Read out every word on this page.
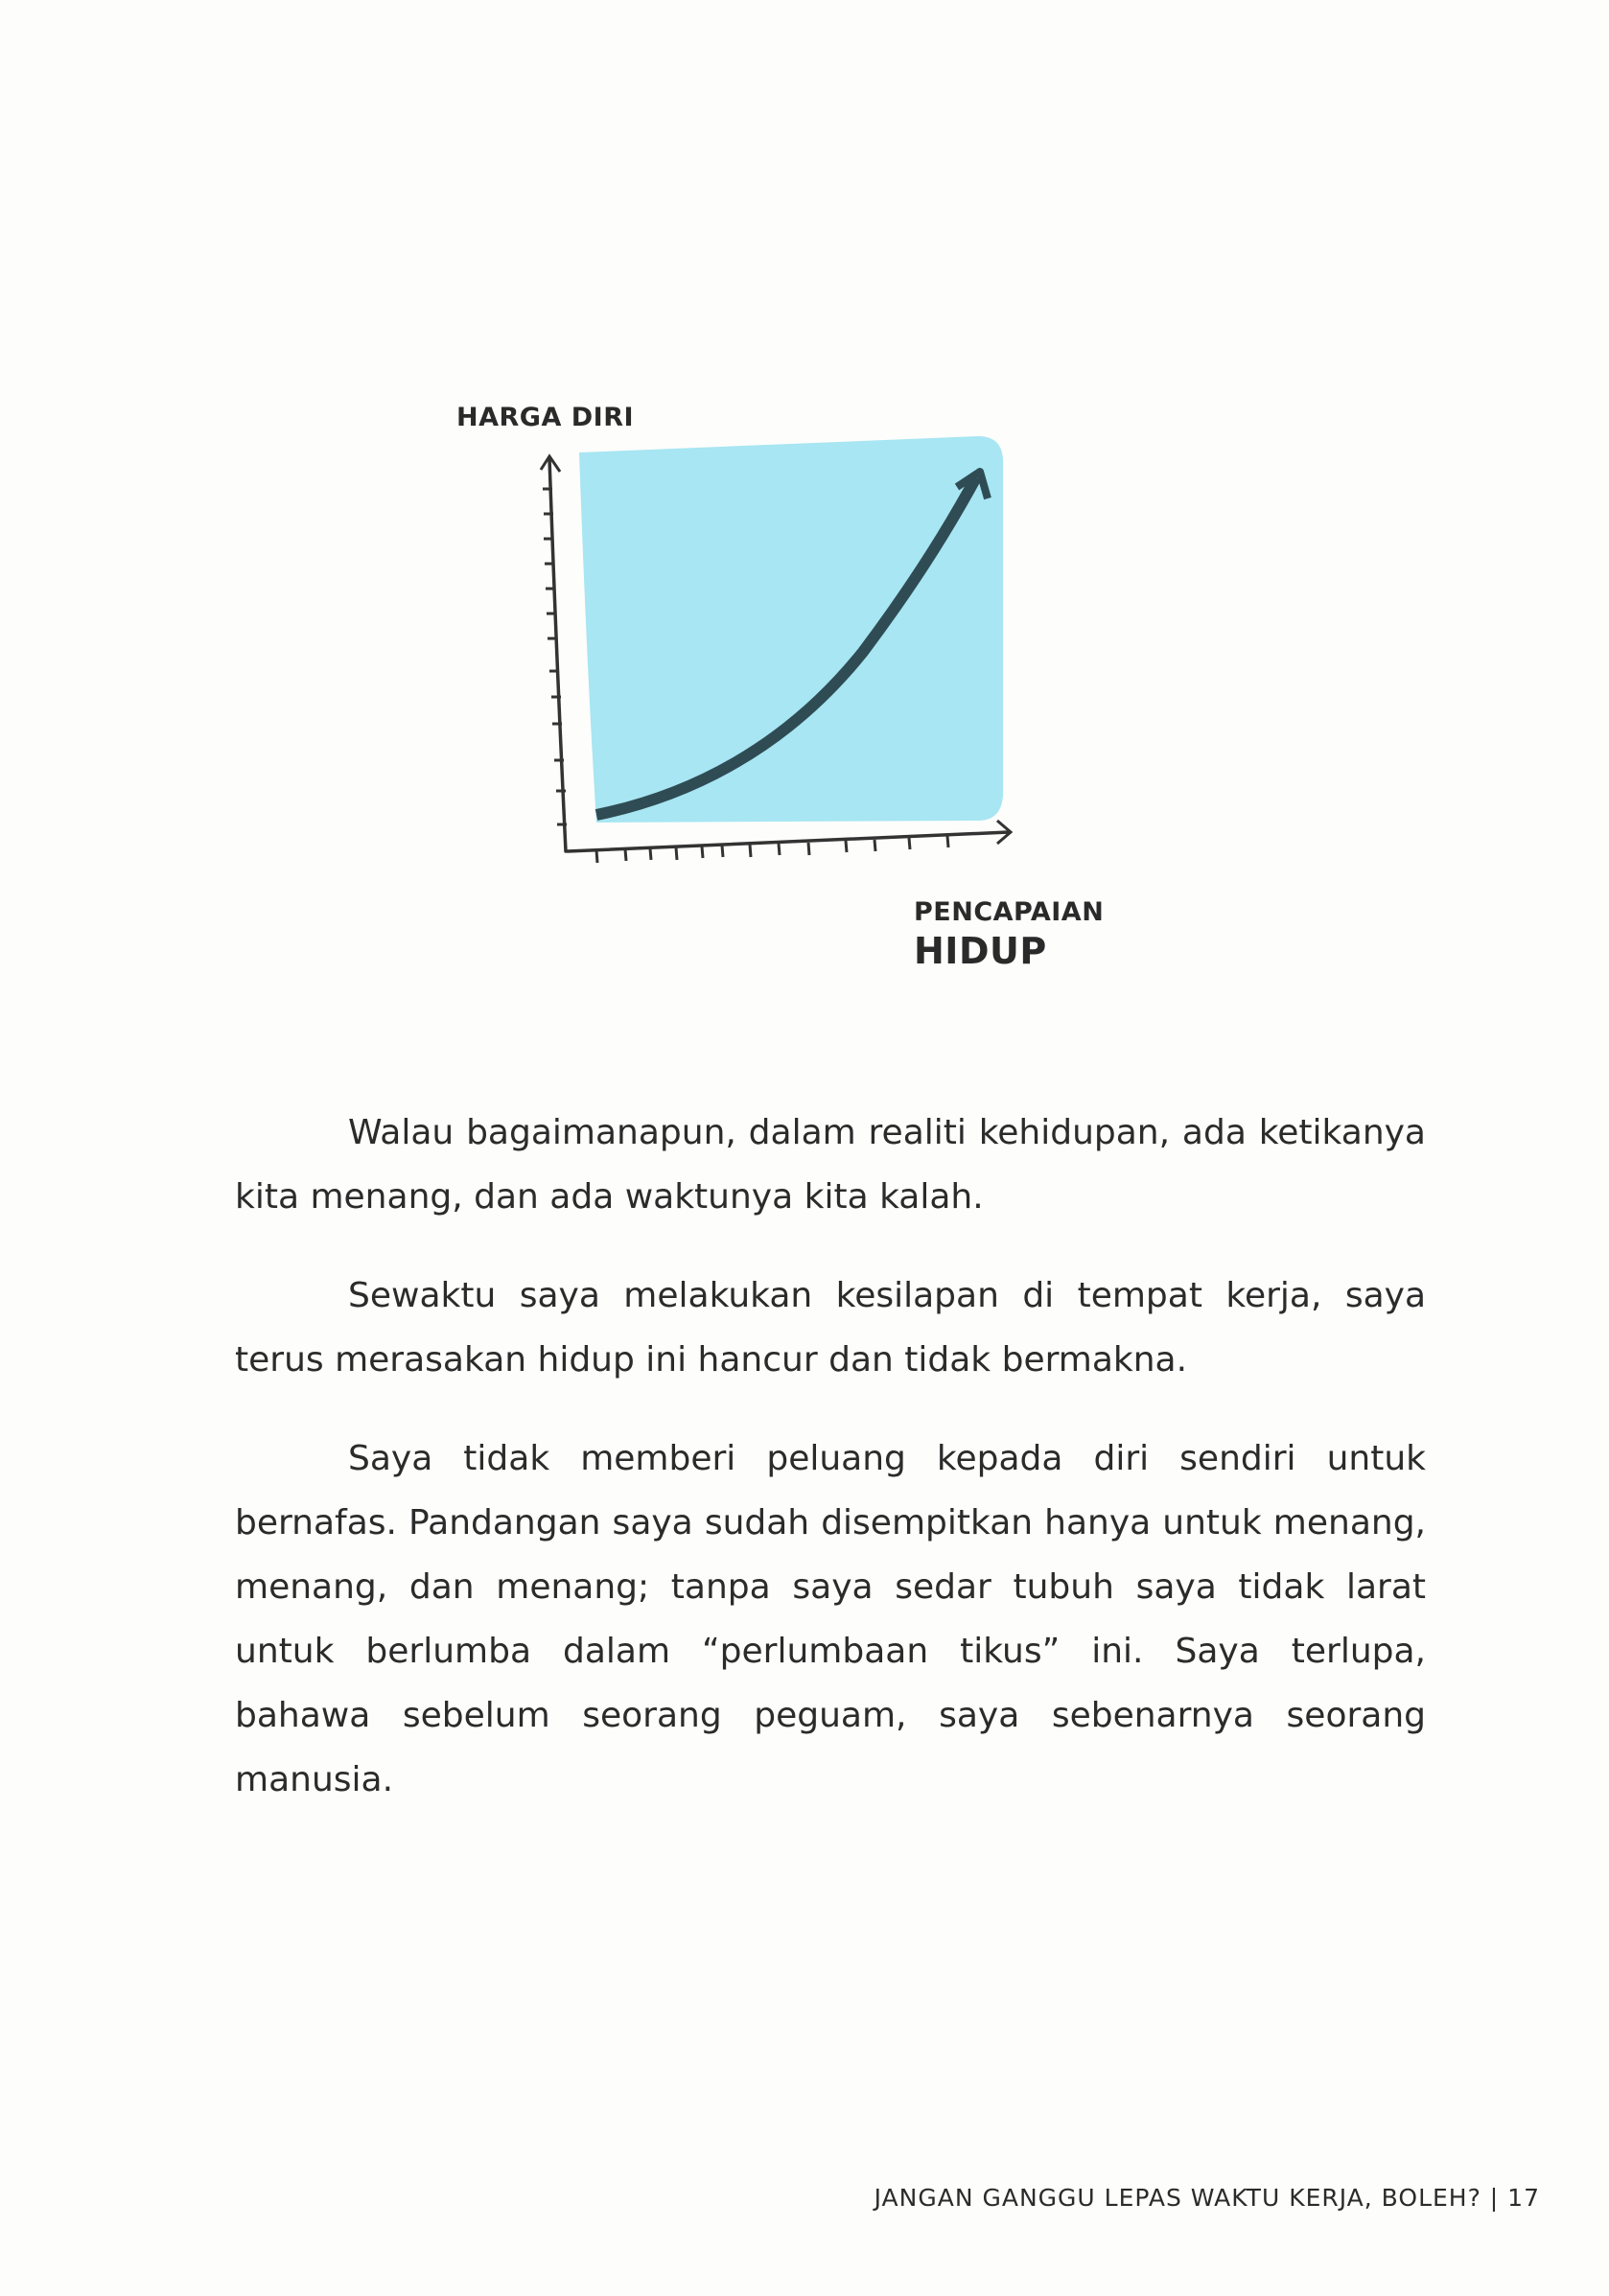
HARGA DIRI
PENCAPAIAN
HIDUP

Walau bagaimanapun, dalam realiti kehidupan, ada ketikanya kita menang, dan ada waktunya kita kalah.

Sewaktu saya melakukan kesilapan di tempat kerja, saya terus merasakan hidup ini hancur dan tidak bermakna.

Saya tidak memberi peluang kepada diri sendiri untuk bernafas. Pandangan saya sudah disempitkan hanya untuk menang, menang, dan menang; tanpa saya sedar tubuh saya tidak larat untuk berlumba dalam “perlumbaan tikus” ini. Saya terlupa, bahawa sebelum seorang peguam, saya sebenarnya seorang manusia.

JANGAN GANGGU LEPAS WAKTU KERJA, BOLEH? | 17
